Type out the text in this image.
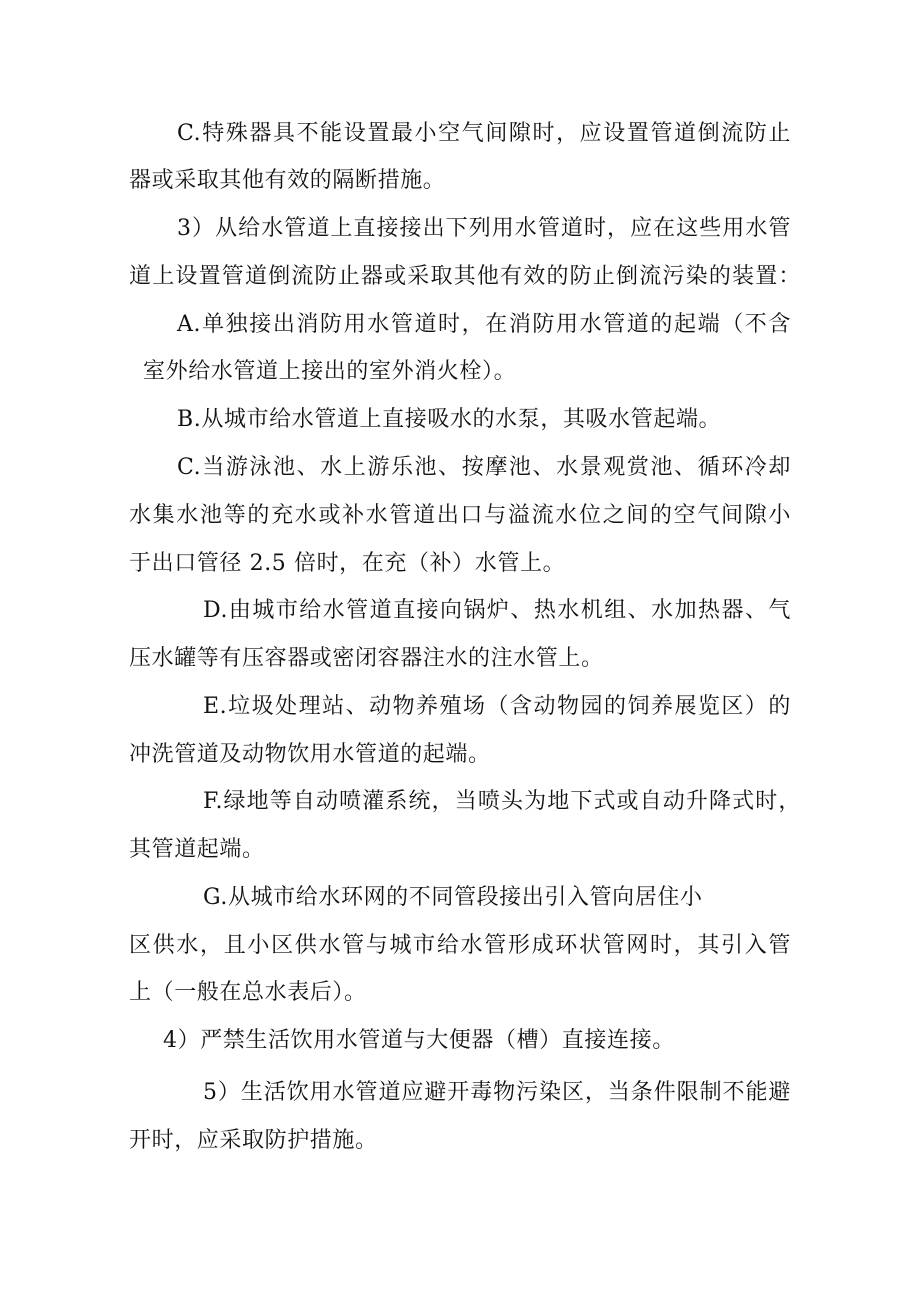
C.特殊器具不能设置最小空气间隙时，应设置管道倒流防止
器或采取其他有效的隔断措施。
3）从给水管道上直接接出下列用水管道时，应在这些用水管
道上设置管道倒流防止器或采取其他有效的防止倒流污染的装置：
A.单独接出消防用水管道时，在消防用水管道的起端（不含
室外给水管道上接出的室外消火栓）。
B.从城市给水管道上直接吸水的水泵，其吸水管起端。
C.当游泳池、水上游乐池、按摩池、水景观赏池、循环冷却
水集水池等的充水或补水管道出口与溢流水位之间的空气间隙小
于出口管径 2.5 倍时，在充（补）水管上。
D.由城市给水管道直接向锅炉、热水机组、水加热器、气
压水罐等有压容器或密闭容器注水的注水管上。
E.垃圾处理站、动物养殖场（含动物园的饲养展览区）的
冲洗管道及动物饮用水管道的起端。
F.绿地等自动喷灌系统，当喷头为地下式或自动升降式时，
其管道起端。
G.从城市给水环网的不同管段接出引入管向居住小
区供水，且小区供水管与城市给水管形成环状管网时，其引入管
上（一般在总水表后）。
4）严禁生活饮用水管道与大便器（槽）直接连接。
5）生活饮用水管道应避开毒物污染区，当条件限制不能避
开时，应采取防护措施。
